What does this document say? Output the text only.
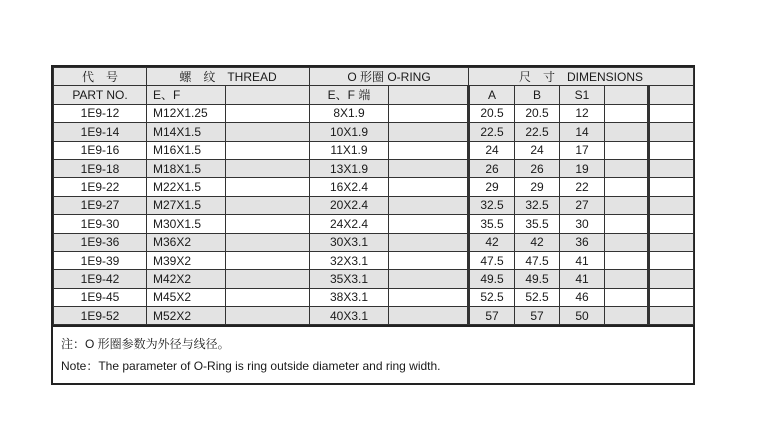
代　号	螺　纹　THREAD		O 形圈 O-RING		尺　寸　DIMENSIONS				
PART NO.	E、F		E、F 端		A	B	S1		
1E9-12	M12X1.25		8X1.9		20.5	20.5	12		
1E9-14	M14X1.5		10X1.9		22.5	22.5	14		
1E9-16	M16X1.5		11X1.9		24	24	17		
1E9-18	M18X1.5		13X1.9		26	26	19		
1E9-22	M22X1.5		16X2.4		29	29	22		
1E9-27	M27X1.5		20X2.4		32.5	32.5	27		
1E9-30	M30X1.5		24X2.4		35.5	35.5	30		
1E9-36	M36X2		30X3.1		42	42	36		
1E9-39	M39X2		32X3.1		47.5	47.5	41		
1E9-42	M42X2		35X3.1		49.5	49.5	41		
1E9-45	M45X2		38X3.1		52.5	52.5	46		
1E9-52	M52X2		40X3.1		57	57	50		
注：O 形圈参数为外径与线径。
Note：The parameter of O-Ring is ring outside diameter and ring width.
